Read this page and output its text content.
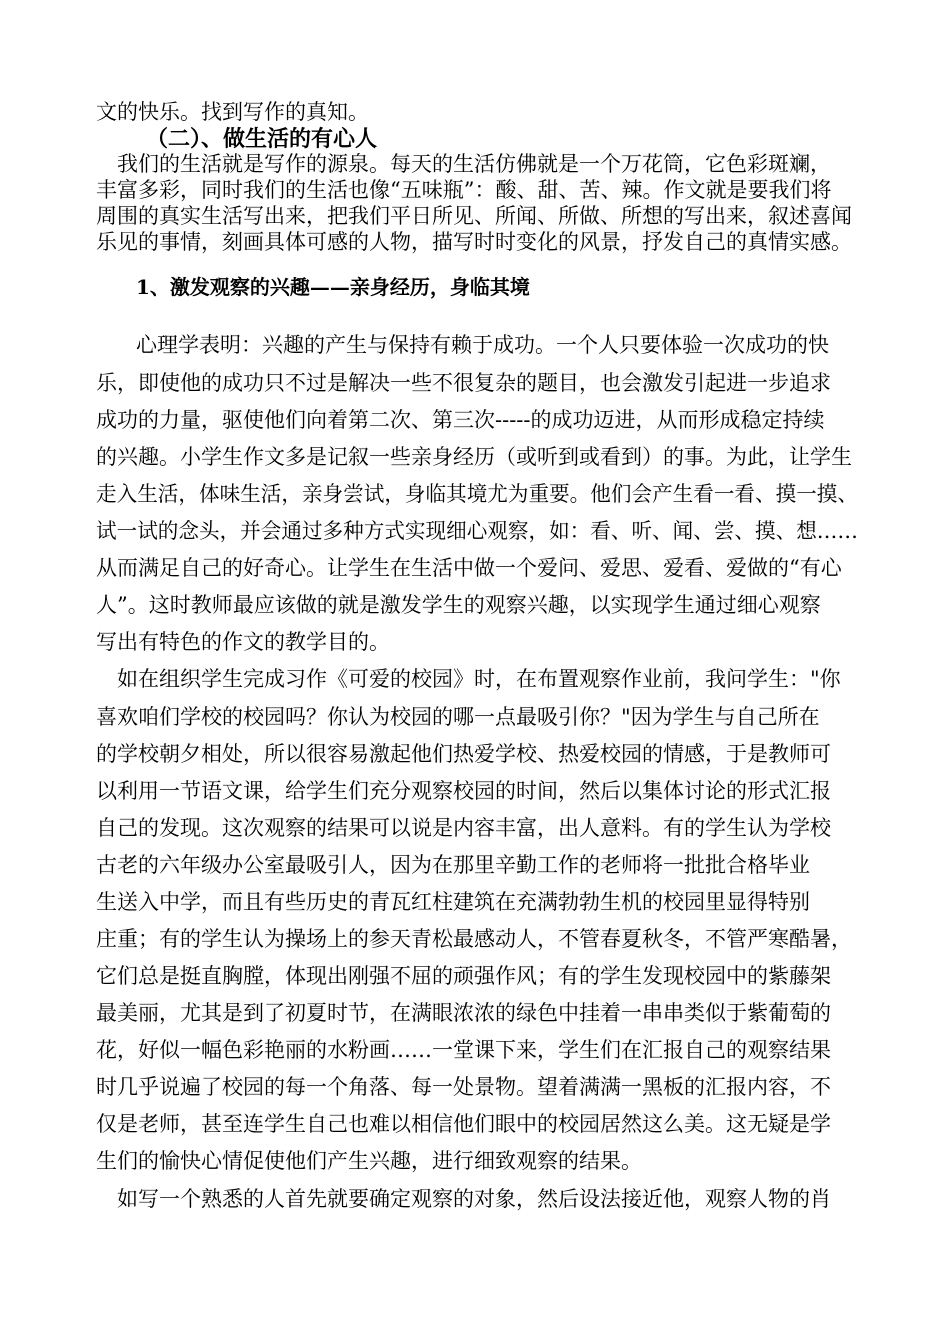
文的快乐。找到写作的真知。
（二）、做生活的有心人
我们的生活就是写作的源泉。每天的生活仿佛就是一个万花筒，它色彩斑斓，
丰富多彩，同时我们的生活也像“五味瓶”：酸、甜、苦、辣。作文就是要我们将
周围的真实生活写出来，把我们平日所见、所闻、所做、所想的写出来，叙述喜闻
乐见的事情，刻画具体可感的人物，描写时时变化的风景，抒发自己的真情实感。
1、激发观察的兴趣——亲身经历，身临其境
心理学表明：兴趣的产生与保持有赖于成功。一个人只要体验一次成功的快
乐，即使他的成功只不过是解决一些不很复杂的题目，也会激发引起进一步追求
成功的力量，驱使他们向着第二次、第三次-----的成功迈进，从而形成稳定持续
的兴趣。小学生作文多是记叙一些亲身经历（或听到或看到）的事。为此，让学生
走入生活，体味生活，亲身尝试，身临其境尤为重要。他们会产生看一看、摸一摸、
试一试的念头，并会通过多种方式实现细心观察，如：看、听、闻、尝、摸、想……
从而满足自己的好奇心。让学生在生活中做一个爱问、爱思、爱看、爱做的“有心
人”。这时教师最应该做的就是激发学生的观察兴趣，以实现学生通过细心观察
写出有特色的作文的教学目的。
如在组织学生完成习作《可爱的校园》时，在布置观察作业前，我问学生："你
喜欢咱们学校的校园吗？你认为校园的哪一点最吸引你？"因为学生与自己所在
的学校朝夕相处，所以很容易激起他们热爱学校、热爱校园的情感，于是教师可
以利用一节语文课，给学生们充分观察校园的时间，然后以集体讨论的形式汇报
自己的发现。这次观察的结果可以说是内容丰富，出人意料。有的学生认为学校
古老的六年级办公室最吸引人，因为在那里辛勤工作的老师将一批批合格毕业
生送入中学，而且有些历史的青瓦红柱建筑在充满勃勃生机的校园里显得特别
庄重；有的学生认为操场上的参天青松最感动人，不管春夏秋冬，不管严寒酷暑，
它们总是挺直胸膛，体现出刚强不屈的顽强作风；有的学生发现校园中的紫藤架
最美丽，尤其是到了初夏时节，在满眼浓浓的绿色中挂着一串串类似于紫葡萄的
花，好似一幅色彩艳丽的水粉画……一堂课下来，学生们在汇报自己的观察结果
时几乎说遍了校园的每一个角落、每一处景物。望着满满一黑板的汇报内容，不
仅是老师，甚至连学生自己也难以相信他们眼中的校园居然这么美。这无疑是学
生们的愉快心情促使他们产生兴趣，进行细致观察的结果。
如写一个熟悉的人首先就要确定观察的对象，然后设法接近他，观察人物的肖
